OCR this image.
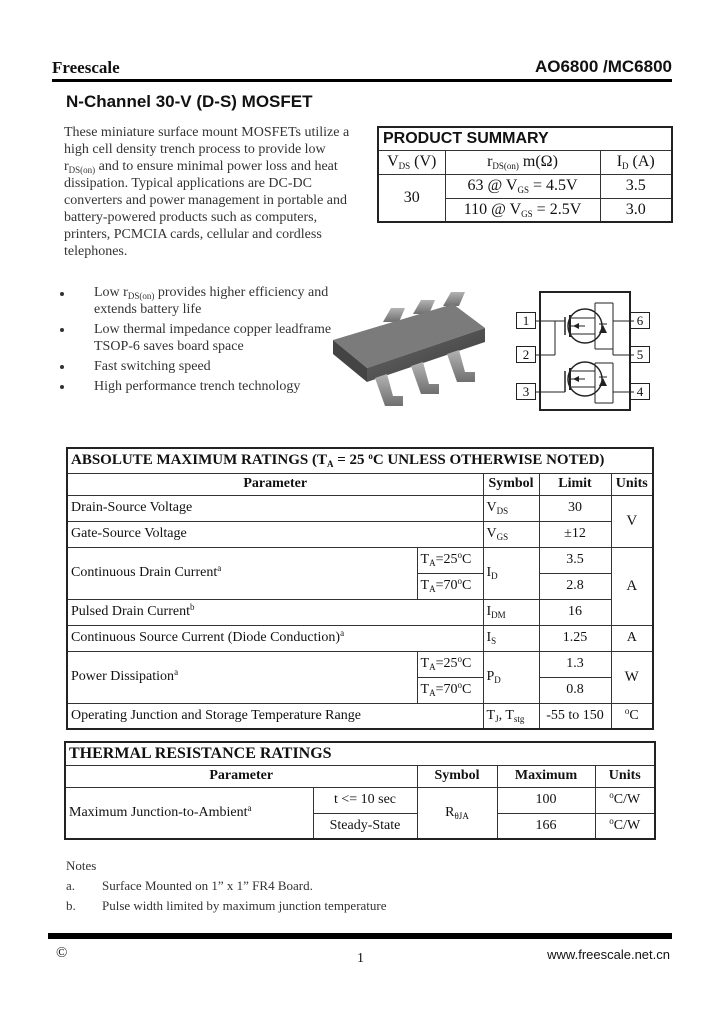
Freescale	AO6800 /MC6800
N-Channel 30-V (D-S) MOSFET
These miniature surface mount MOSFETs utilize a
high cell density trench process to provide low
$r_{DS(on)}$ and to ensure minimal power loss and heat
dissipation. Typical applications are DC-DC
converters and power management in portable and
battery-powered products such as computers,
printers, PCMCIA cards, cellular and cordless
telephones.
PRODUCT SUMMARY		
$V_{DS}$ (V)	$r_{DS(on)}$ m(Ω)	$I_D$ (A)
30	63 @ $V_{GS} = 4.5V$	3.5
	110 @ $V_{GS} = 2.5V$	3.0
Low $r_{DS(on)}$ provides higher efficiency and
extends battery life
Low thermal impedance copper leadframe
TSOP-6 saves board space
Fast switching speed
High performance trench technology
1
2
3
6
5
4
ABSOLUTE MAXIMUM RATINGS ($T_A = 25$ $^o$C UNLESS OTHERWISE NOTED)				
Parameter		Symbol	Limit	Units
Drain-Source Voltage		$V_{DS}$	30	V
Gate-Source Voltage		$V_{GS}$	±12	
Continuous Drain Current$^a$	$T_A=25^oC$	$I_D$	3.5	A
	$T_A=70^oC$		2.8	
Pulsed Drain Current$^b$		$I_{DM}$	16	
Continuous Source Current (Diode Conduction)$^a$		$I_S$	1.25	A
Power Dissipation$^a$	$T_A=25^oC$	$P_D$	1.3	W
	$T_A=70^oC$		0.8	
Operating Junction and Storage Temperature Range		$T_J$, $T_{stg}$	-55 to 150	$^o$C
THERMAL RESISTANCE RATINGS				
Parameter		Symbol	Maximum	Units
Maximum Junction-to-Ambient$^a$	t <= 10 sec	$R_{\theta JA}$	100	$^o$C/W
	Steady-State		166	$^o$C/W
Notes
a. Surface Mounted on 1” x 1” FR4 Board.
b. Pulse width limited by maximum junction temperature
©	1	www.freescale.net.cn
